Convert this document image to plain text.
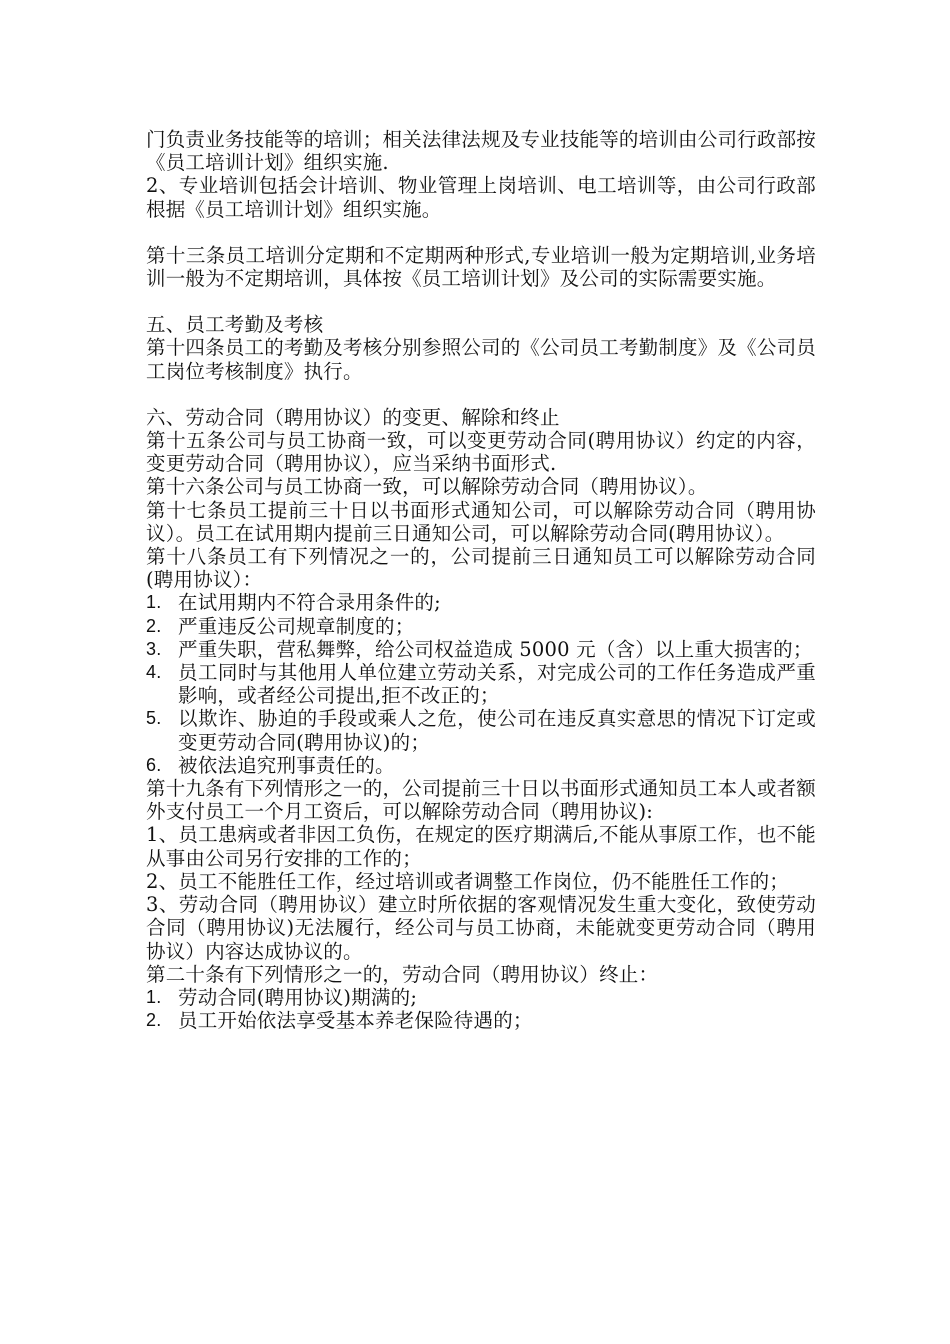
门负责业务技能等的培训；相关法律法规及专业技能等的培训由公司行政部按《员工培训计划》组织实施.

2、专业培训包括会计培训、物业管理上岗培训、电工培训等，由公司行政部根据《员工培训计划》组织实施。

第十三条员工培训分定期和不定期两种形式,专业培训一般为定期培训,业务培训一般为不定期培训，具体按《员工培训计划》及公司的实际需要实施。

五、员工考勤及考核

第十四条员工的考勤及考核分别参照公司的《公司员工考勤制度》及《公司员工岗位考核制度》执行。

六、劳动合同（聘用协议）的变更、解除和终止

第十五条公司与员工协商一致，可以变更劳动合同(聘用协议）约定的内容，变更劳动合同（聘用协议），应当采纳书面形式.

第十六条公司与员工协商一致，可以解除劳动合同（聘用协议）。

第十七条员工提前三十日以书面形式通知公司，可以解除劳动合同（聘用协议）。员工在试用期内提前三日通知公司，可以解除劳动合同(聘用协议）。

第十八条员工有下列情况之一的，公司提前三日通知员工可以解除劳动合同(聘用协议）：

1. 在试用期内不符合录用条件的;
2. 严重违反公司规章制度的；
3. 严重失职，营私舞弊，给公司权益造成 5000 元（含）以上重大损害的；
4. 员工同时与其他用人单位建立劳动关系，对完成公司的工作任务造成严重影响，或者经公司提出,拒不改正的；
5. 以欺诈、胁迫的手段或乘人之危，使公司在违反真实意思的情况下订定或变更劳动合同(聘用协议)的；
6. 被依法追究刑事责任的。

第十九条有下列情形之一的，公司提前三十日以书面形式通知员工本人或者额外支付员工一个月工资后，可以解除劳动合同（聘用协议):

1、员工患病或者非因工负伤，在规定的医疗期满后,不能从事原工作，也不能从事由公司另行安排的工作的；

2、员工不能胜任工作，经过培训或者调整工作岗位，仍不能胜任工作的；

3、劳动合同（聘用协议）建立时所依据的客观情况发生重大变化，致使劳动合同（聘用协议)无法履行，经公司与员工协商，未能就变更劳动合同（聘用协议）内容达成协议的。

第二十条有下列情形之一的，劳动合同（聘用协议）终止：

1. 劳动合同(聘用协议)期满的;
2. 员工开始依法享受基本养老保险待遇的；
